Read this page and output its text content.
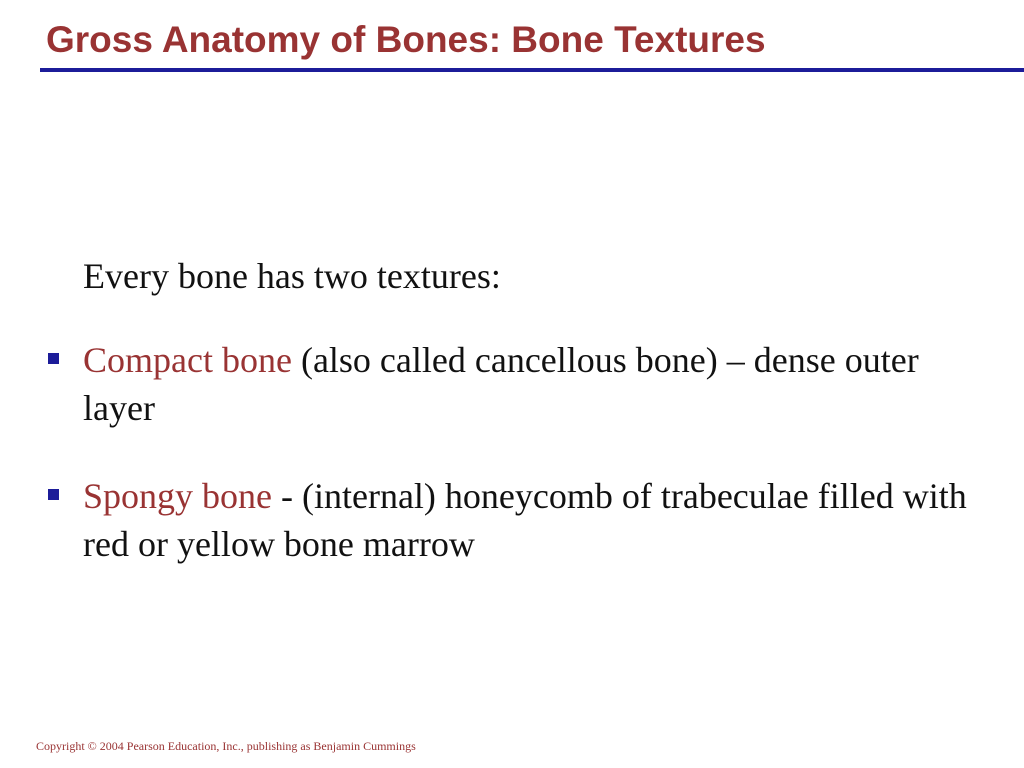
Gross Anatomy of Bones: Bone Textures

Every bone has two textures:

Compact bone (also called cancellous bone) – dense outer layer

Spongy bone - (internal) honeycomb of trabeculae filled with red or yellow bone marrow

Copyright © 2004 Pearson Education, Inc., publishing as Benjamin Cummings
